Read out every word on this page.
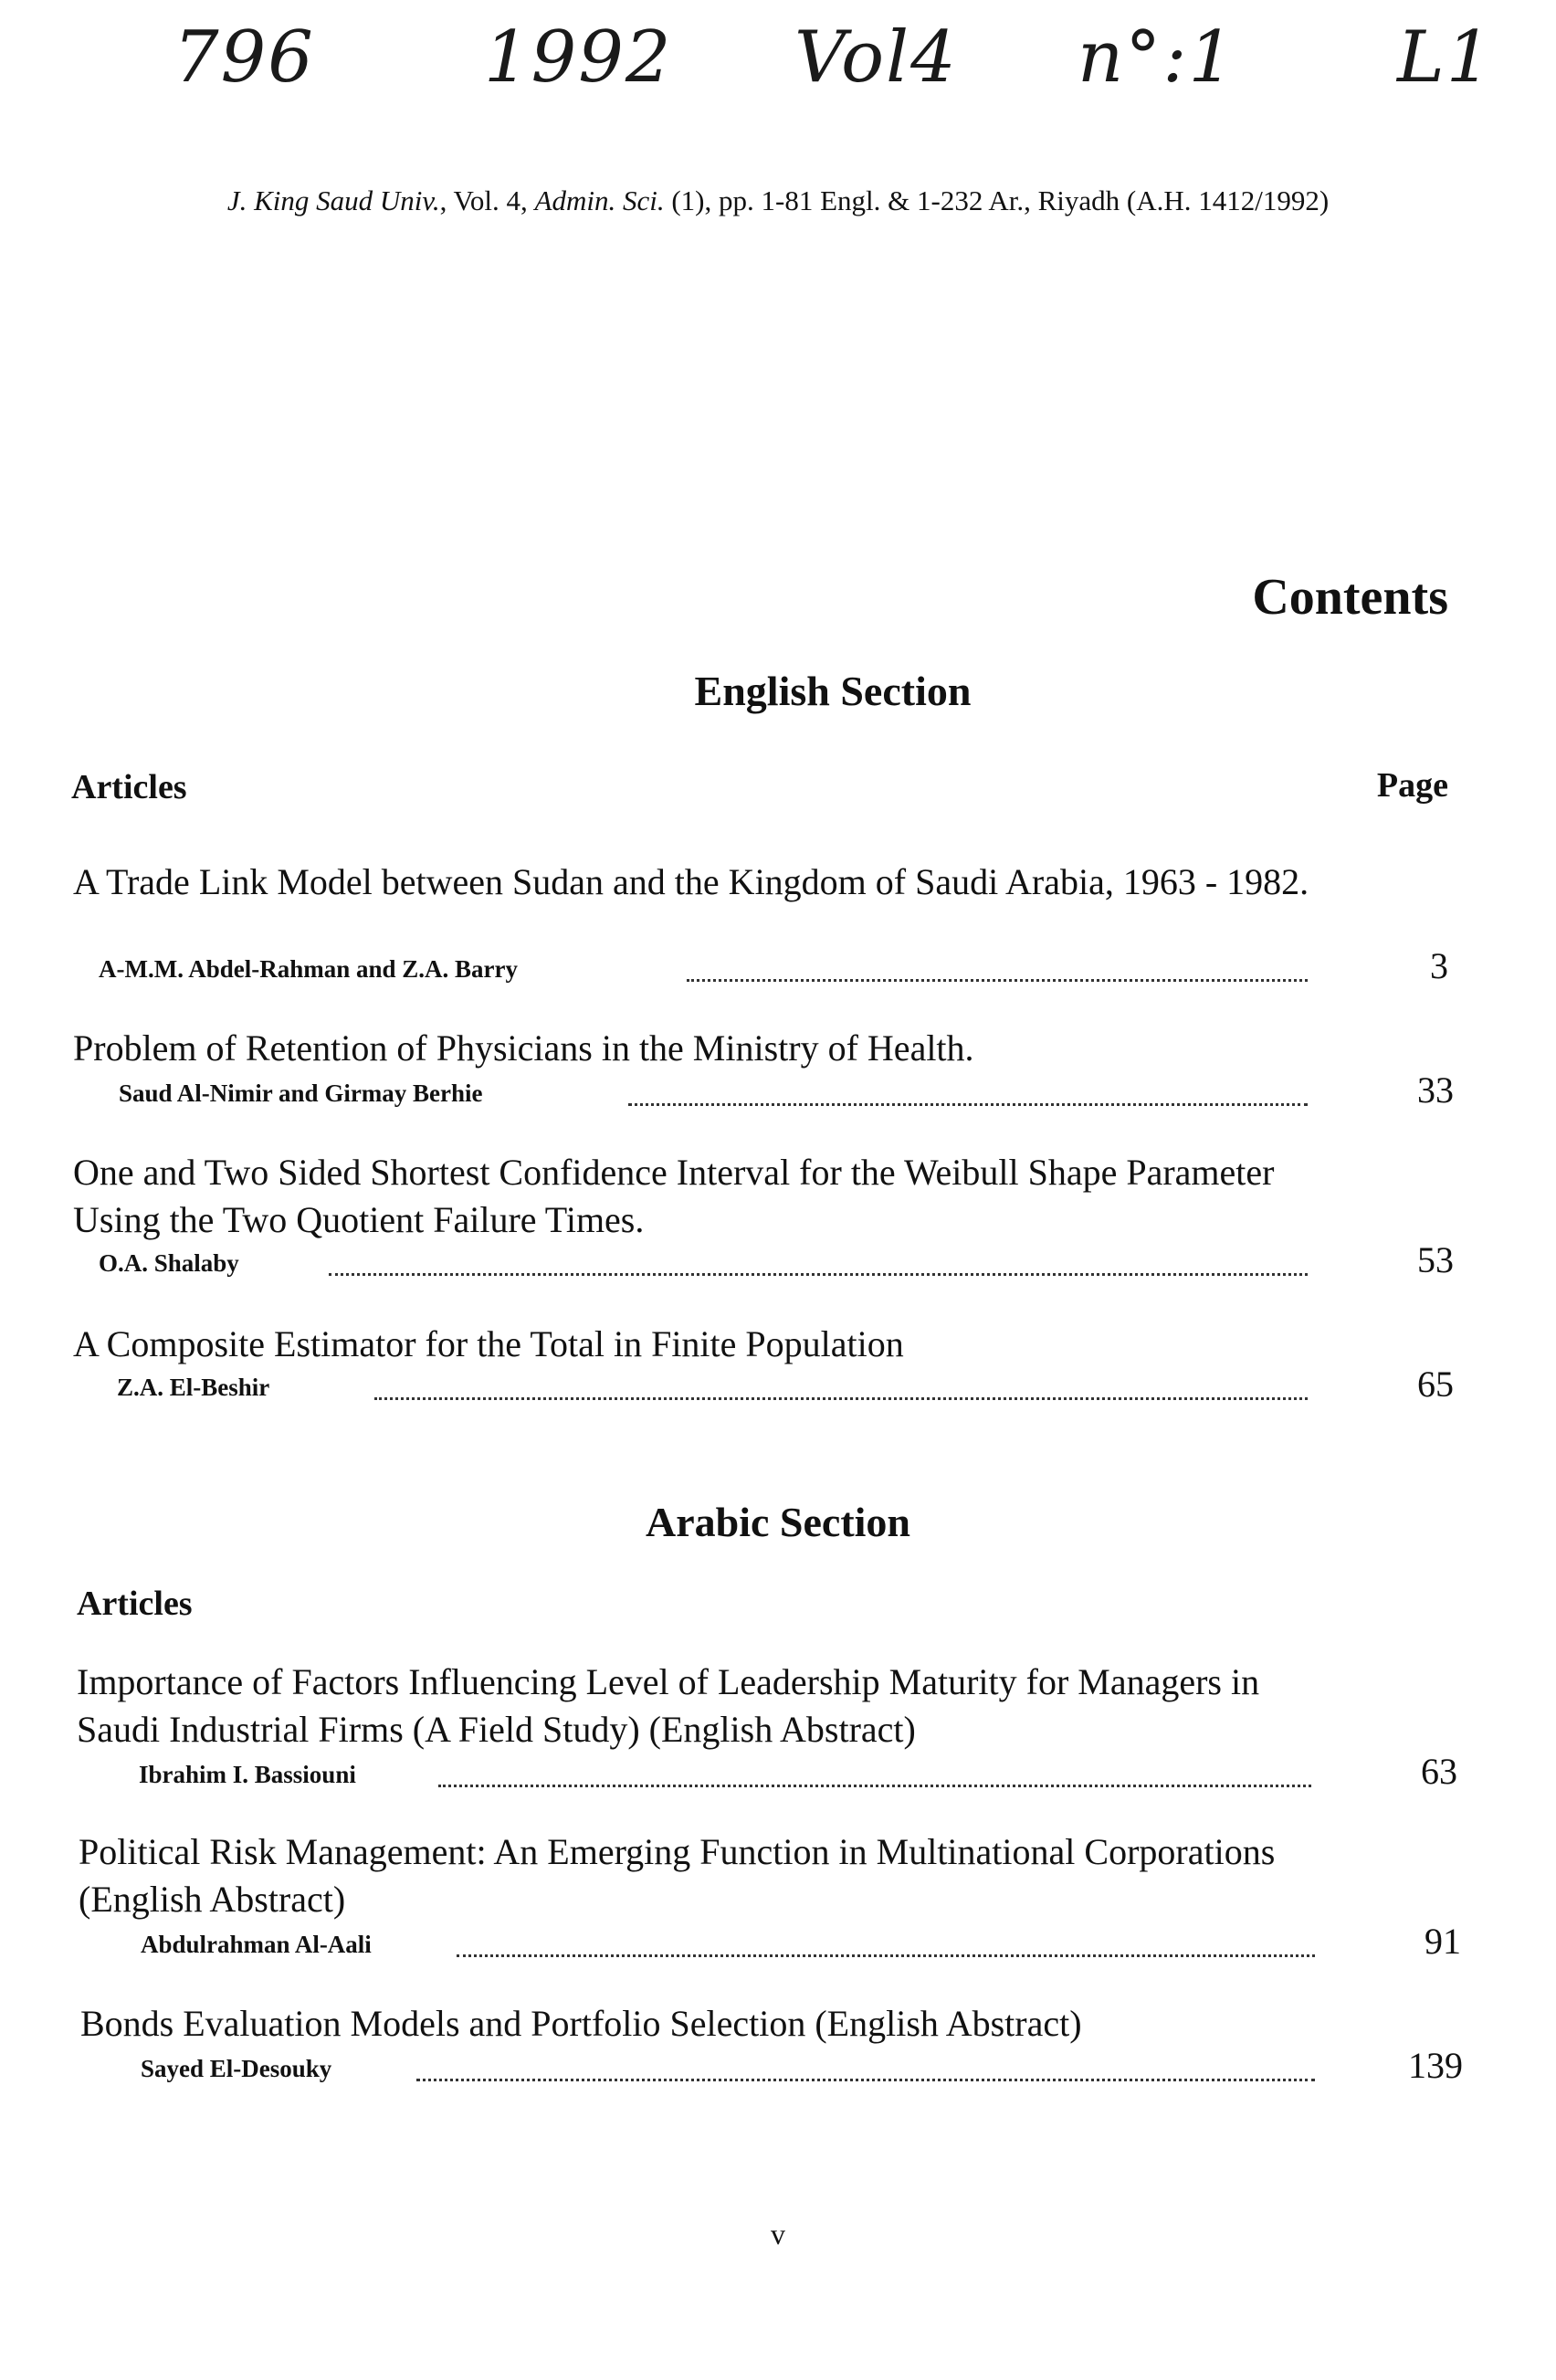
796 1992 Vol4 n°:1 L1
J. King Saud Univ., Vol. 4, Admin. Sci. (1), pp. 1-81 Engl. & 1-232 Ar., Riyadh (A.H. 1412/1992)
Contents
English Section
Articles	Page
A Trade Link Model between Sudan and the Kingdom of Saudi Arabia, 1963 - 1982.
A-M.M. Abdel-Rahman and Z.A. Barry	3
Problem of Retention of Physicians in the Ministry of Health.
Saud Al-Nimir and Girmay Berhie	33
One and Two Sided Shortest Confidence Interval for the Weibull Shape Parameter Using the Two Quotient Failure Times.
O.A. Shalaby	53
A Composite Estimator for the Total in Finite Population
Z.A. El-Beshir	65
Arabic Section
Articles
Importance of Factors Influencing Level of Leadership Maturity for Managers in Saudi Industrial Firms (A Field Study) (English Abstract)
Ibrahim I. Bassiouni	63
Political Risk Management: An Emerging Function in Multinational Corporations (English Abstract)
Abdulrahman Al-Aali	91
Bonds Evaluation Models and Portfolio Selection (English Abstract)
Sayed El-Desouky	139
v
